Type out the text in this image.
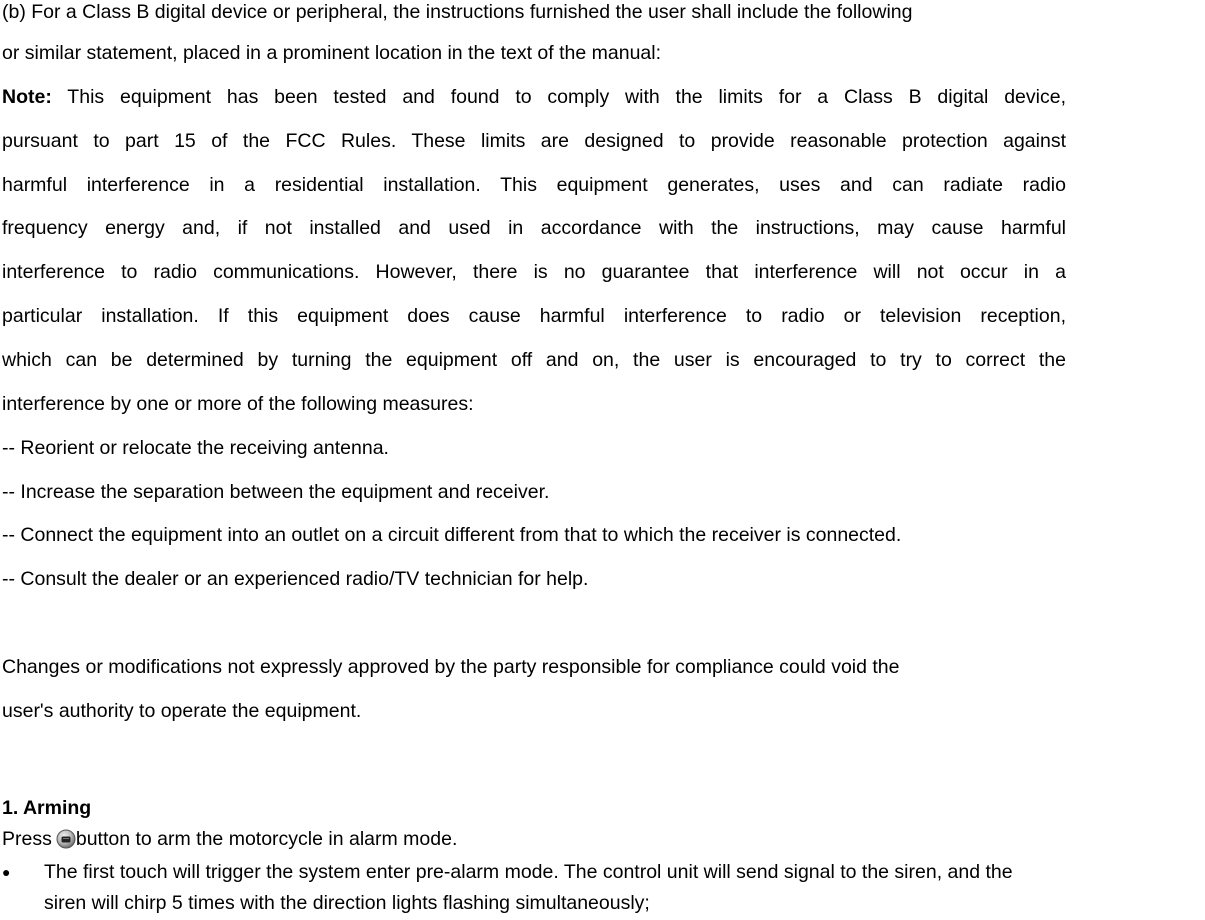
(b) For a Class B digital device or peripheral, the instructions furnished the user shall include the following
or similar statement, placed in a prominent location in the text of the manual:
Note: This equipment has been tested and found to comply with the limits for a Class B digital device,
pursuant to part 15 of the FCC Rules. These limits are designed to provide reasonable protection against
harmful interference in a residential installation. This equipment generates, uses and can radiate radio
frequency energy and, if not installed and used in accordance with the instructions, may cause harmful
interference to radio communications. However, there is no guarantee that interference will not occur in a
particular installation. If this equipment does cause harmful interference to radio or television reception,
which can be determined by turning the equipment off and on, the user is encouraged to try to correct the
interference by one or more of the following measures:
-- Reorient or relocate the receiving antenna.
-- Increase the separation between the equipment and receiver.
-- Connect the equipment into an outlet on a circuit different from that to which the receiver is connected.
-- Consult the dealer or an experienced radio/TV technician for help.
Changes or modifications not expressly approved by the party responsible for compliance could void the
user's authority to operate the equipment.
1. Arming
Press button to arm the motorcycle in alarm mode.
● The first touch will trigger the system enter pre-alarm mode. The control unit will send signal to the siren, and the
siren will chirp 5 times with the direction lights flashing simultaneously;
